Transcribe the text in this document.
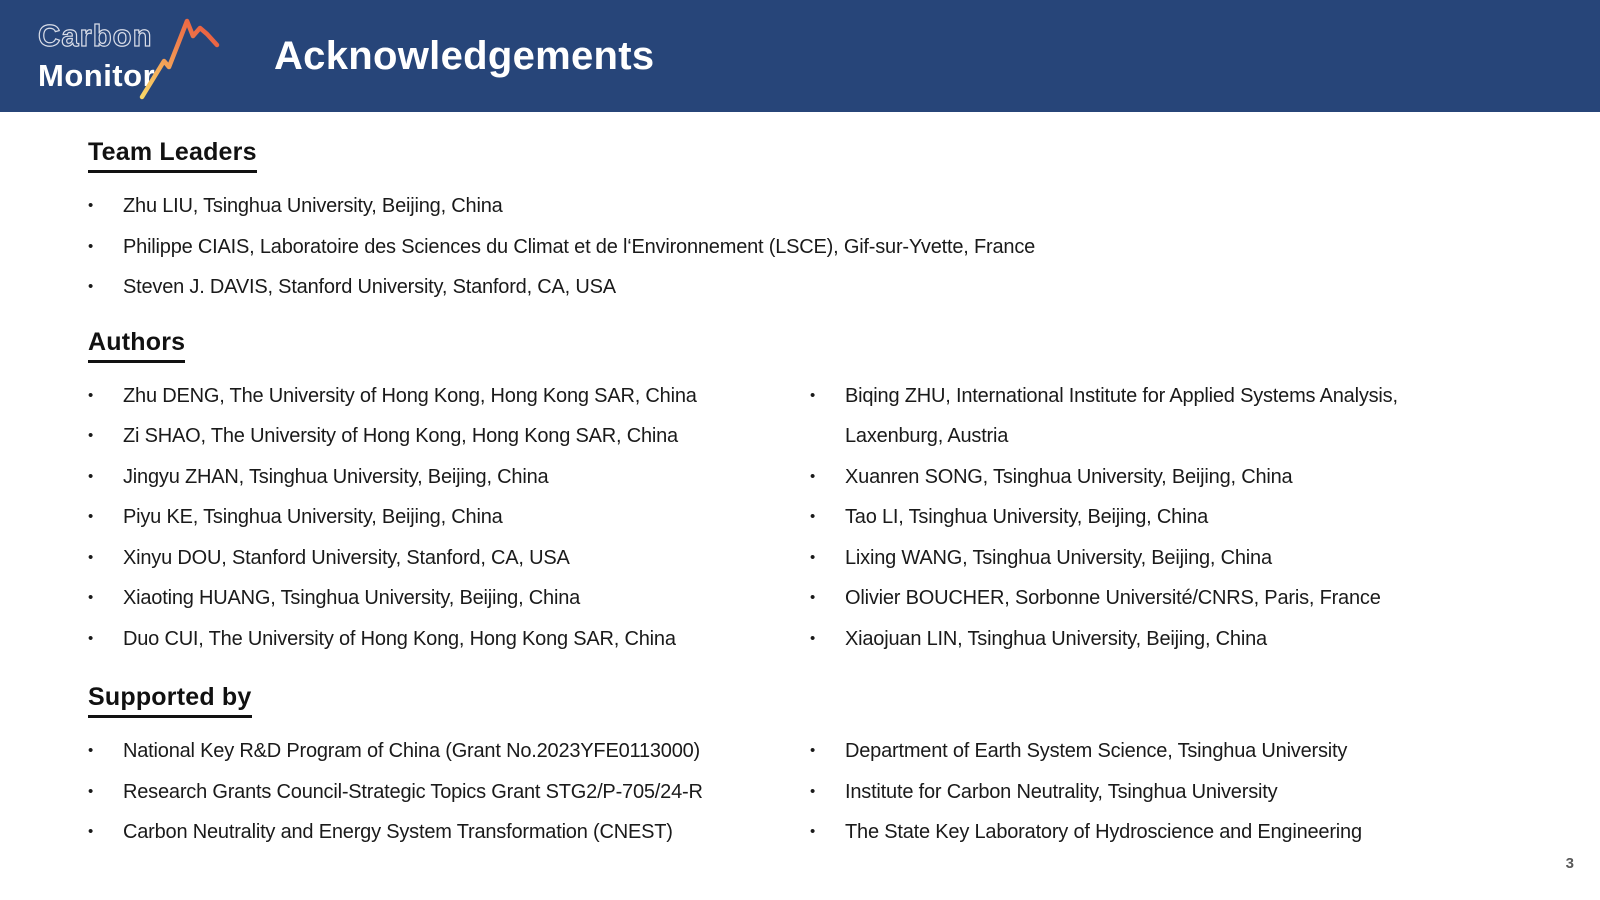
Carbon
Monitor	Acknowledgements
Team Leaders
•	Zhu LIU, Tsinghua University, Beijing, China
•	Philippe CIAIS, Laboratoire des Sciences du Climat et de l‘Environnement (LSCE), Gif-sur-Yvette, France
•	Steven J. DAVIS, Stanford University, Stanford, CA, USA
Authors
•	Zhu DENG, The University of Hong Kong, Hong Kong SAR, China
•	Zi SHAO, The University of Hong Kong, Hong Kong SAR, China
•	Jingyu ZHAN, Tsinghua University, Beijing, China
•	Piyu KE, Tsinghua University, Beijing, China
•	Xinyu DOU, Stanford University, Stanford, CA, USA
•	Xiaoting HUANG, Tsinghua University, Beijing, China
•	Duo CUI, The University of Hong Kong, Hong Kong SAR, China
•	Biqing ZHU, International Institute for Applied Systems Analysis, Laxenburg, Austria
•	Xuanren SONG, Tsinghua University, Beijing, China
•	Tao LI, Tsinghua University, Beijing, China
•	Lixing WANG, Tsinghua University, Beijing, China
•	Olivier BOUCHER, Sorbonne Université/CNRS, Paris, France
•	Xiaojuan LIN, Tsinghua University, Beijing, China
Supported by
•	National Key R&D Program of China (Grant No.2023YFE0113000)
•	Research Grants Council-Strategic Topics Grant STG2/P-705/24-R
•	Carbon Neutrality and Energy System Transformation (CNEST)
•	Department of Earth System Science, Tsinghua University
•	Institute for Carbon Neutrality, Tsinghua University
•	The State Key Laboratory of Hydroscience and Engineering
3
